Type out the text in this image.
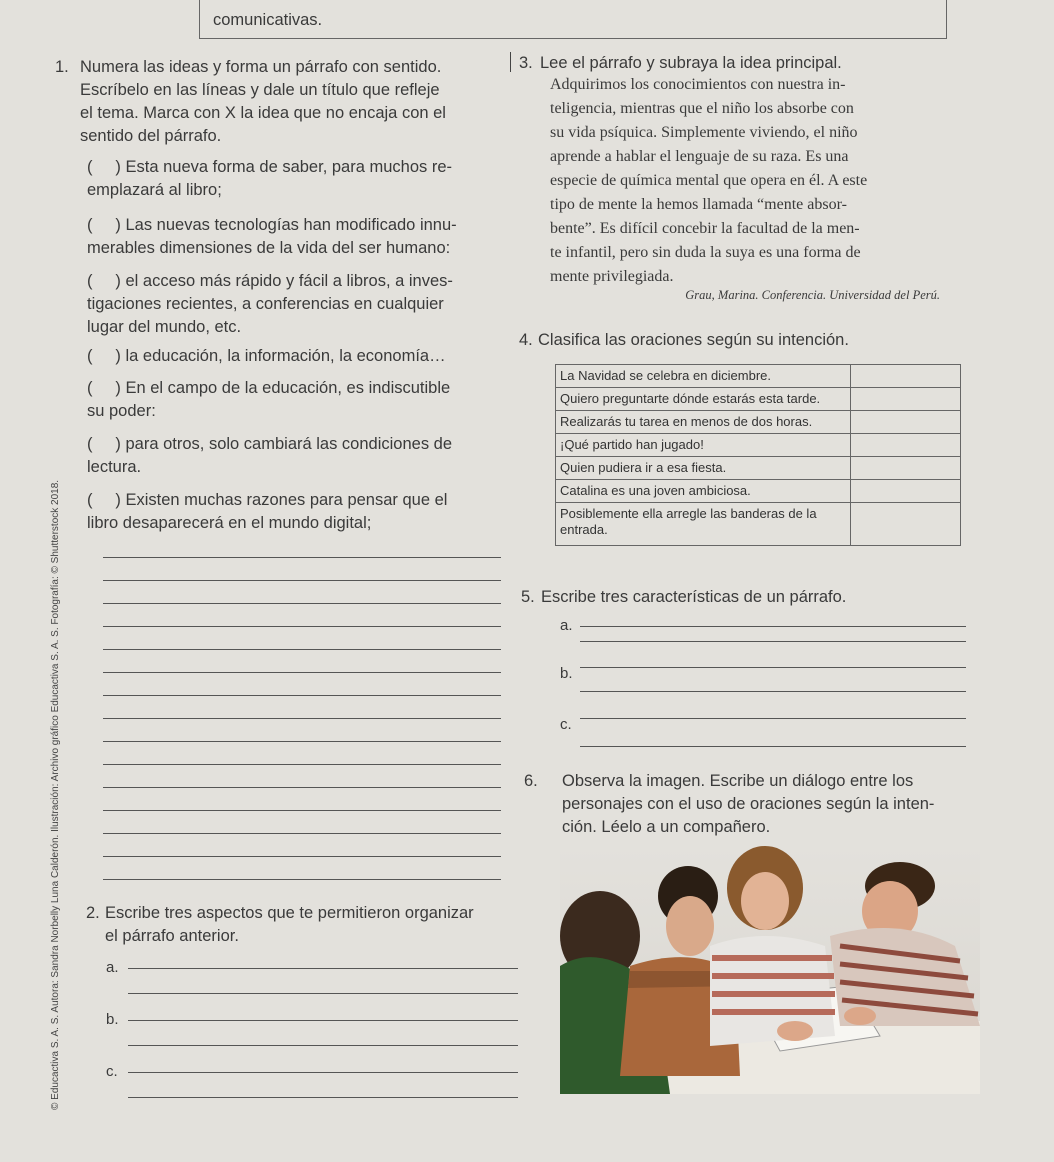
comunicativas.
© Educactiva S. A. S. Autora: Sandra Norbelly Luna Calderón. Ilustración: Archivo gráfico Educactiva S. A. S. Fotografía: © Shutterstock 2018.
1. Numera las ideas y forma un párrafo con sentido.
Escríbelo en las líneas y dale un título que refleje
el tema. Marca con X la idea que no encaja con el
sentido del párrafo.
(     ) Esta nueva forma de saber, para muchos re-
emplazará al libro;
(     ) Las nuevas tecnologías han modificado innu-
merables dimensiones de la vida del ser humano:
(     ) el acceso más rápido y fácil a libros, a inves-
tigaciones recientes, a conferencias en cualquier
lugar del mundo, etc.
(     ) la educación, la información, la economía…
(     ) En el campo de la educación, es indiscutible
su poder:
(     ) para otros, solo cambiará las condiciones de
lectura.
(     ) Existen muchas razones para pensar que el
libro desaparecerá en el mundo digital;
2. Escribe tres aspectos que te permitieron organizar
el párrafo anterior.
a.
b.
c.
3. Lee el párrafo y subraya la idea principal.
Adquirimos los conocimientos con nuestra in-
teligencia, mientras que el niño los absorbe con
su vida psíquica. Simplemente viviendo, el niño
aprende a hablar el lenguaje de su raza. Es una
especie de química mental que opera en él. A este
tipo de mente la hemos llamada “mente absor-
bente”. Es difícil concebir la facultad de la men-
te infantil, pero sin duda la suya es una forma de
mente privilegiada.
Grau, Marina. Conferencia. Universidad del Perú.
4. Clasifica las oraciones según su intención.
La Navidad se celebra en diciembre.	
Quiero preguntarte dónde estarás esta tarde.	
Realizarás tu tarea en menos de dos horas.	
¡Qué partido han jugado!	
Quien pudiera ir a esa fiesta.	
Catalina es una joven ambiciosa.	

Posiblemente ella arregle las banderas de la
entrada.	

5. Escribe tres características de un párrafo.
a.
b.
c.
6. Observa la imagen. Escribe un diálogo entre los
personajes con el uso de oraciones según la inten-
ción. Léelo a un compañero.
